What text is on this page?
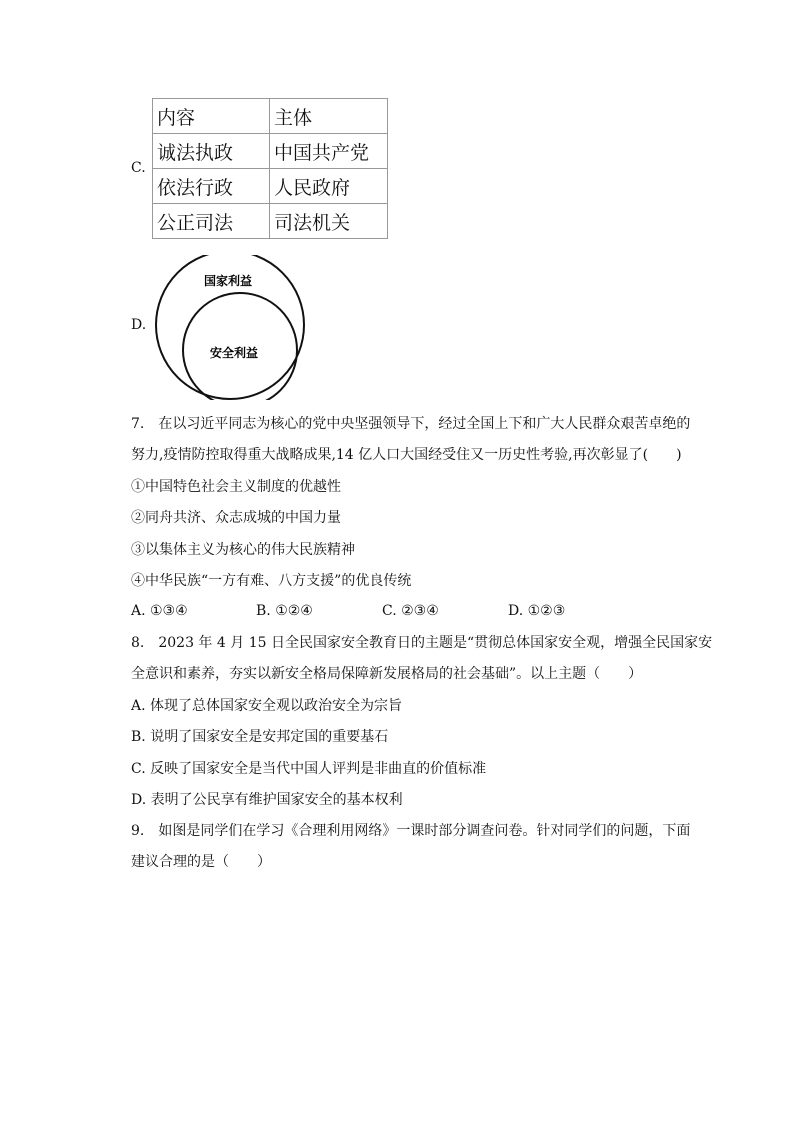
C.
内容	主体
诚法执政	中国共产党
依法行政	人民政府
公正司法	司法机关
D.
国家利益
安全利益
7.　在以习近平同志为核心的党中央坚强领导下，经过全国上下和广大人民群众艰苦卓绝的
努力,疫情防控取得重大战略成果,14 亿人口大国经受住又一历史性考验,再次彰显了(　　)
①中国特色社会主义制度的优越性
②同舟共济、众志成城的中国力量
③以集体主义为核心的伟大民族精神
④中华民族“一方有难、八方支援”的优良传统
A. ①③④	B. ①②④	C. ②③④	D. ①②③
8.　2023 年 4 月 15 日全民国家安全教育日的主题是“贯彻总体国家安全观，增强全民国家安
全意识和素养，夯实以新安全格局保障新发展格局的社会基础”。以上主题（　　）
A. 体现了总体国家安全观以政治安全为宗旨
B. 说明了国家安全是安邦定国的重要基石
C. 反映了国家安全是当代中国人评判是非曲直的价值标准
D. 表明了公民享有维护国家安全的基本权利
9.　如图是同学们在学习《合理利用网络》一课时部分调查问卷。针对同学们的问题，下面
建议合理的是（　　）
